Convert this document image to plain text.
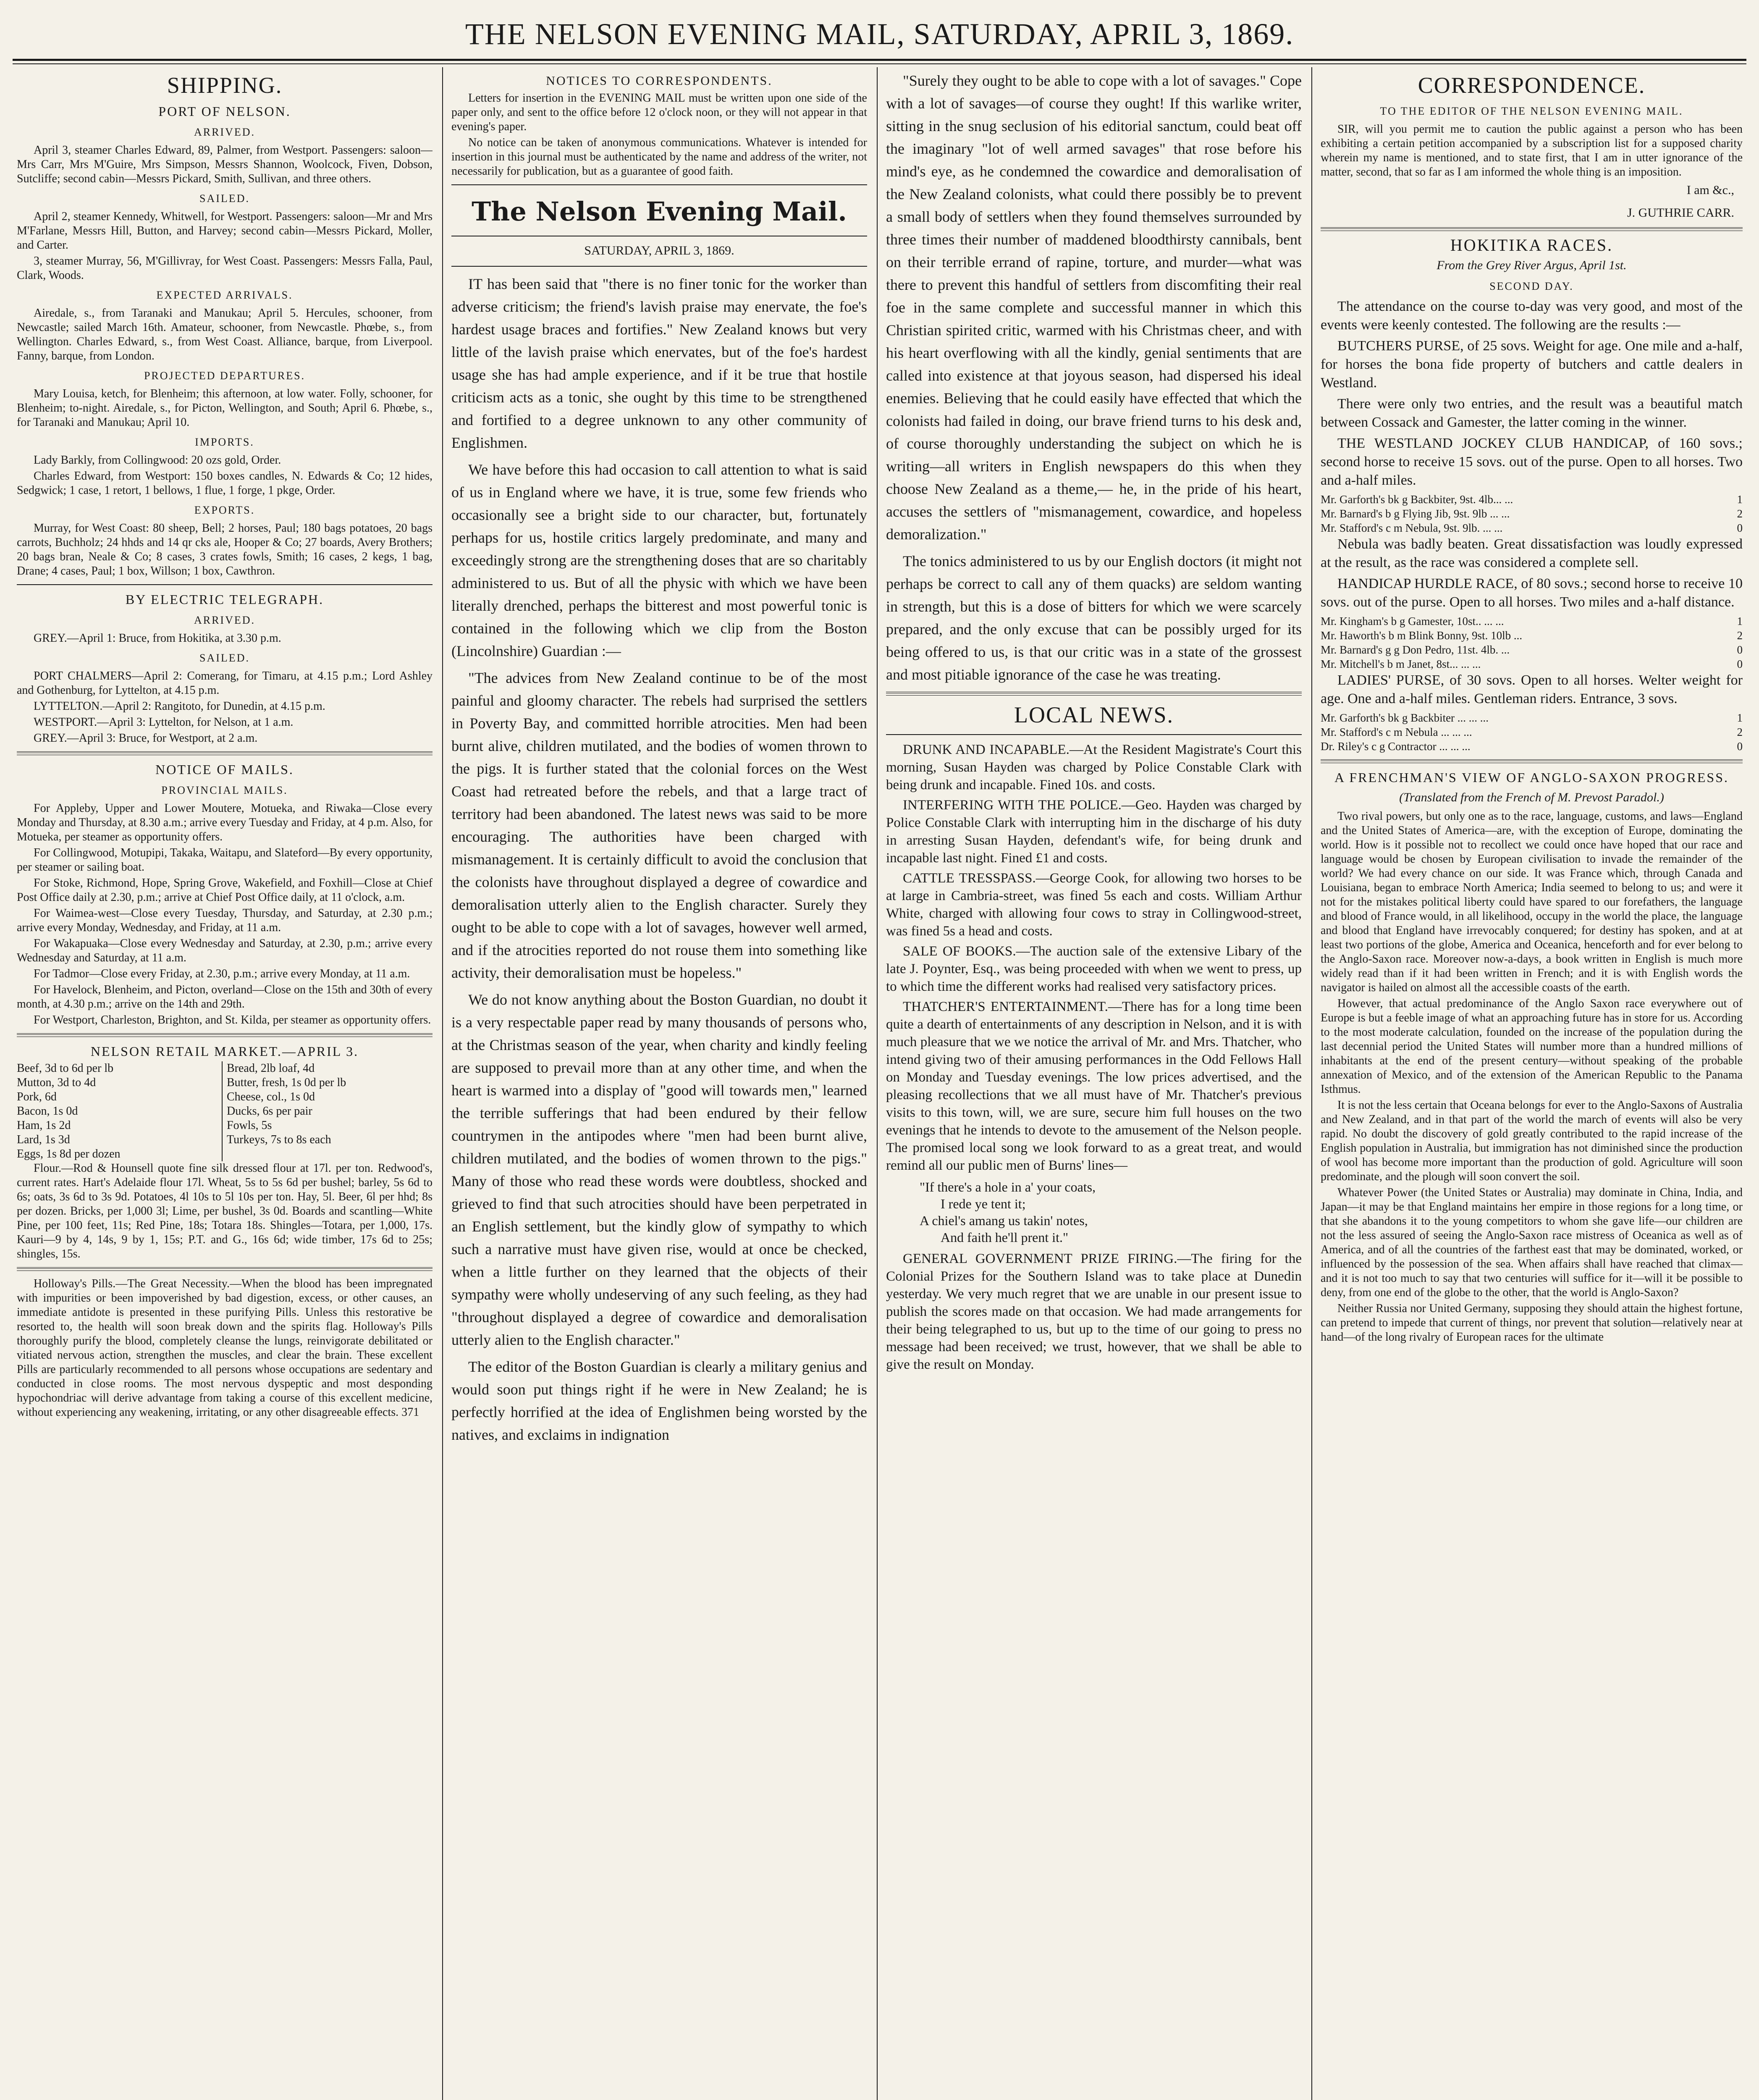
THE NELSON EVENING MAIL, SATURDAY, APRIL 3, 1869.
SHIPPING.
PORT OF NELSON.
ARRIVED.

April 3, steamer Charles Edward, 89, Palmer, from Westport. Passengers: saloon—Mrs Carr, Mrs M'Guire, Mrs Simpson, Messrs Shannon, Woolcock, Fiven, Dobson, Sutcliffe; second cabin—Messrs Pickard, Smith, Sullivan, and three others.

SAILED.

April 2, steamer Kennedy, Whitwell, for Westport. Passengers: saloon—Mr and Mrs M'Farlane, Messrs Hill, Button, and Harvey; second cabin—Messrs Pickard, Moller, and Carter.

3, steamer Murray, 56, M'Gillivray, for West Coast. Passengers: Messrs Falla, Paul, Clark, Woods.

EXPECTED ARRIVALS.

Airedale, s., from Taranaki and Manukau; April 5. Hercules, schooner, from Newcastle; sailed March 16th. Amateur, schooner, from Newcastle. Phœbe, s., from Wellington. Charles Edward, s., from West Coast. Alliance, barque, from Liverpool. Fanny, barque, from London.

PROJECTED DEPARTURES.

Mary Louisa, ketch, for Blenheim; this afternoon, at low water. Folly, schooner, for Blenheim; to-night. Airedale, s., for Picton, Wellington, and South; April 6. Phœbe, s., for Taranaki and Manukau; April 10.

IMPORTS.

Lady Barkly, from Collingwood: 20 ozs gold, Order.

Charles Edward, from Westport: 150 boxes candles, N. Edwards & Co; 12 hides, Sedgwick; 1 case, 1 retort, 1 bellows, 1 flue, 1 forge, 1 pkge, Order.

EXPORTS.

Murray, for West Coast: 80 sheep, Bell; 2 horses, Paul; 180 bags potatoes, 20 bags carrots, Buchholz; 24 hhds and 14 qr cks ale, Hooper & Co; 27 boards, Avery Brothers; 20 bags bran, Neale & Co; 8 cases, 3 crates fowls, Smith; 16 cases, 2 kegs, 1 bag, Drane; 4 cases, Paul; 1 box, Willson; 1 box, Cawthron.

BY ELECTRIC TELEGRAPH.
ARRIVED.

GREY.—April 1: Bruce, from Hokitika, at 3.30 p.m.

SAILED.

PORT CHALMERS—April 2: Comerang, for Timaru, at 4.15 p.m.; Lord Ashley and Gothenburg, for Lyttelton, at 4.15 p.m.

LYTTELTON.—April 2: Rangitoto, for Dunedin, at 4.15 p.m.

WESTPORT.—April 3: Lyttelton, for Nelson, at 1 a.m.

GREY.—April 3: Bruce, for Westport, at 2 a.m.

NOTICE OF MAILS.
PROVINCIAL MAILS.

For Appleby, Upper and Lower Moutere, Motueka, and Riwaka—Close every Monday and Thursday, at 8.30 a.m.; arrive every Tuesday and Friday, at 4 p.m. Also, for Motueka, per steamer as opportunity offers.

For Collingwood, Motupipi, Takaka, Waitapu, and Slateford—By every opportunity, per steamer or sailing boat.

For Stoke, Richmond, Hope, Spring Grove, Wakefield, and Foxhill—Close at Chief Post Office daily at 2.30, p.m.; arrive at Chief Post Office daily, at 11 o'clock, a.m.

For Waimea-west—Close every Tuesday, Thursday, and Saturday, at 2.30 p.m.; arrive every Monday, Wednesday, and Friday, at 11 a.m.

For Wakapuaka—Close every Wednesday and Saturday, at 2.30, p.m.; arrive every Wednesday and Saturday, at 11 a.m.

For Tadmor—Close every Friday, at 2.30, p.m.; arrive every Monday, at 11 a.m.

For Havelock, Blenheim, and Picton, overland—Close on the 15th and 30th of every month, at 4.30 p.m.; arrive on the 14th and 29th.

For Westport, Charleston, Brighton, and St. Kilda, per steamer as opportunity offers.

NELSON RETAIL MARKET.—APRIL 3.
Beef, 3d to 6d per lb	Bread, 2lb loaf, 4d
Mutton, 3d to 4d	Butter, fresh, 1s 0d per lb
Pork, 6d	Cheese, col., 1s 0d
Bacon, 1s 0d	Ducks, 6s per pair
Ham, 1s 2d	Fowls, 5s
Lard, 1s 3d	Turkeys, 7s to 8s each
Eggs, 1s 8d per dozen

Flour.—Rod & Hounsell quote fine silk dressed flour at 17l. per ton. Redwood's, current rates. Hart's Adelaide flour 17l. Wheat, 5s to 5s 6d per bushel; barley, 5s 6d to 6s; oats, 3s 6d to 3s 9d. Potatoes, 4l 10s to 5l 10s per ton. Hay, 5l. Beer, 6l per hhd; 8s per dozen. Bricks, per 1,000 3l; Lime, per bushel, 3s 0d. Boards and scantling—White Pine, per 100 feet, 11s; Red Pine, 18s; Totara 18s. Shingles—Totara, per 1,000, 17s. Kauri—9 by 4, 14s, 9 by 1, 15s; P.T. and G., 16s 6d; wide timber, 17s 6d to 25s; shingles, 15s.

Holloway's Pills.—The Great Necessity.—When the blood has been impregnated with impurities or been impoverished by bad digestion, excess, or other causes, an immediate antidote is presented in these purifying Pills. Unless this restorative be resorted to, the health will soon break down and the spirits flag. Holloway's Pills thoroughly purify the blood, completely cleanse the lungs, reinvigorate debilitated or vitiated nervous action, strengthen the muscles, and clear the brain. These excellent Pills are particularly recommended to all persons whose occupations are sedentary and conducted in close rooms. The most nervous dyspeptic and most desponding hypochondriac will derive advantage from taking a course of this excellent medicine, without experiencing any weakening, irritating, or any other disagreeable effects. 371

NOTICES TO CORRESPONDENTS.

Letters for insertion in the EVENING MAIL must be written upon one side of the paper only, and sent to the office before 12 o'clock noon, or they will not appear in that evening's paper.

No notice can be taken of anonymous communications. Whatever is intended for insertion in this journal must be authenticated by the name and address of the writer, not necessarily for publication, but as a guarantee of good faith.

The Nelson Evening Mail.
SATURDAY, APRIL 3, 1869.

IT has been said that "there is no finer tonic for the worker than adverse criticism; the friend's lavish praise may enervate, the foe's hardest usage braces and fortifies." New Zealand knows but very little of the lavish praise which enervates, but of the foe's hardest usage she has had ample experience, and if it be true that hostile criticism acts as a tonic, she ought by this time to be strengthened and fortified to a degree unknown to any other community of Englishmen.

We have before this had occasion to call attention to what is said of us in England where we have, it is true, some few friends who occasionally see a bright side to our character, but, fortunately perhaps for us, hostile critics largely predominate, and many and exceedingly strong are the strengthening doses that are so charitably administered to us. But of all the physic with which we have been literally drenched, perhaps the bitterest and most powerful tonic is contained in the following which we clip from the Boston (Lincolnshire) Guardian :—

"The advices from New Zealand continue to be of the most painful and gloomy character. The rebels had surprised the settlers in Poverty Bay, and committed horrible atrocities. Men had been burnt alive, children mutilated, and the bodies of women thrown to the pigs. It is further stated that the colonial forces on the West Coast had retreated before the rebels, and that a large tract of territory had been abandoned. The latest news was said to be more encouraging. The authorities have been charged with mismanagement. It is certainly difficult to avoid the conclusion that the colonists have throughout displayed a degree of cowardice and demoralisation utterly alien to the English character. Surely they ought to be able to cope with a lot of savages, however well armed, and if the atrocities reported do not rouse them into something like activity, their demoralisation must be hopeless."

We do not know anything about the Boston Guardian, no doubt it is a very respectable paper read by many thousands of persons who, at the Christmas season of the year, when charity and kindly feeling are supposed to prevail more than at any other time, and when the heart is warmed into a display of "good will towards men," learned the terrible sufferings that had been endured by their fellow countrymen in the antipodes where "men had been burnt alive, children mutilated, and the bodies of women thrown to the pigs." Many of those who read these words were doubtless, shocked and grieved to find that such atrocities should have been perpetrated in an English settlement, but the kindly glow of sympathy to which such a narrative must have given rise, would at once be checked, when a little further on they learned that the objects of their sympathy were wholly undeserving of any such feeling, as they had "throughout displayed a degree of cowardice and demoralisation utterly alien to the English character."

The editor of the Boston Guardian is clearly a military genius and would soon put things right if he were in New Zealand; he is perfectly horrified at the idea of Englishmen being worsted by the natives, and exclaims in indignation

"Surely they ought to be able to cope with a lot of savages." Cope with a lot of savages—of course they ought! If this warlike writer, sitting in the snug seclusion of his editorial sanctum, could beat off the imaginary "lot of well armed savages" that rose before his mind's eye, as he condemned the cowardice and demoralisation of the New Zealand colonists, what could there possibly be to prevent a small body of settlers when they found themselves surrounded by three times their number of maddened bloodthirsty cannibals, bent on their terrible errand of rapine, torture, and murder—what was there to prevent this handful of settlers from discomfiting their real foe in the same complete and successful manner in which this Christian spirited critic, warmed with his Christmas cheer, and with his heart overflowing with all the kindly, genial sentiments that are called into existence at that joyous season, had dispersed his ideal enemies. Believing that he could easily have effected that which the colonists had failed in doing, our brave friend turns to his desk and, of course thoroughly understanding the subject on which he is writing—all writers in English newspapers do this when they choose New Zealand as a theme,— he, in the pride of his heart, accuses the settlers of "mismanagement, cowardice, and hopeless demoralization."

The tonics administered to us by our English doctors (it might not perhaps be correct to call any of them quacks) are seldom wanting in strength, but this is a dose of bitters for which we were scarcely prepared, and the only excuse that can be possibly urged for its being offered to us, is that our critic was in a state of the grossest and most pitiable ignorance of the case he was treating.

LOCAL NEWS.

DRUNK AND INCAPABLE.—At the Resident Magistrate's Court this morning, Susan Hayden was charged by Police Constable Clark with being drunk and incapable. Fined 10s. and costs.

INTERFERING WITH THE POLICE.—Geo. Hayden was charged by Police Constable Clark with interrupting him in the discharge of his duty in arresting Susan Hayden, defendant's wife, for being drunk and incapable last night. Fined £1 and costs.

CATTLE TRESSPASS.—George Cook, for allowing two horses to be at large in Cambria-street, was fined 5s each and costs. William Arthur White, charged with allowing four cows to stray in Collingwood-street, was fined 5s a head and costs.

SALE OF BOOKS.—The auction sale of the extensive Libary of the late J. Poynter, Esq., was being proceeded with when we went to press, up to which time the different works had realised very satisfactory prices.

THATCHER'S ENTERTAINMENT.—There has for a long time been quite a dearth of entertainments of any description in Nelson, and it is with much pleasure that we we notice the arrival of Mr. and Mrs. Thatcher, who intend giving two of their amusing performances in the Odd Fellows Hall on Monday and Tuesday evenings. The low prices advertised, and the pleasing recollections that we all must have of Mr. Thatcher's previous visits to this town, will, we are sure, secure him full houses on the two evenings that he intends to devote to the amusement of the Nelson people. The promised local song we look forward to as a great treat, and would remind all our public men of Burns' lines—

"If there's a hole in a' your coats,
I rede ye tent it;
A chiel's amang us takin' notes,
And faith he'll prent it."

GENERAL GOVERNMENT PRIZE FIRING.—The firing for the Colonial Prizes for the Southern Island was to take place at Dunedin yesterday. We very much regret that we are unable in our present issue to publish the scores made on that occasion. We had made arrangements for their being telegraphed to us, but up to the time of our going to press no message had been received; we trust, however, that we shall be able to give the result on Monday.

CORRESPONDENCE.
TO THE EDITOR OF THE NELSON EVENING MAIL.

SIR, will you permit me to caution the public against a person who has been exhibiting a certain petition accompanied by a subscription list for a supposed charity wherein my name is mentioned, and to state first, that I am in utter ignorance of the matter, second, that so far as I am informed the whole thing is an imposition.

I am &c.,
J. GUTHRIE CARR.
HOKITIKA RACES.
From the Grey River Argus, April 1st.
SECOND DAY.

The attendance on the course to-day was very good, and most of the events were keenly contested. The following are the results :—

BUTCHERS PURSE, of 25 sovs. Weight for age. One mile and a-half, for horses the bona fide property of butchers and cattle dealers in Westland.

There were only two entries, and the result was a beautiful match between Cossack and Gamester, the latter coming in the winner.

THE WESTLAND JOCKEY CLUB HANDICAP, of 160 sovs.; second horse to receive 15 sovs. out of the purse. Open to all horses. Two and a-half miles.

Mr. Garforth's bk g Backbiter, 9st. 4lb... ...	1
Mr. Barnard's b g Flying Jib, 9st. 9lb ... ...	2
Mr. Stafford's c m Nebula, 9st. 9lb. ... ...	0

Nebula was badly beaten. Great dissatisfaction was loudly expressed at the result, as the race was considered a complete sell.

HANDICAP HURDLE RACE, of 80 sovs.; second horse to receive 10 sovs. out of the purse. Open to all horses. Two miles and a-half distance.

Mr. Kingham's b g Gamester, 10st.. ... ...	1
Mr. Haworth's b m Blink Bonny, 9st. 10lb ...	2
Mr. Barnard's g g Don Pedro, 11st. 4lb. ...	0
Mr. Mitchell's b m Janet, 8st... ... ...	0

LADIES' PURSE, of 30 sovs. Open to all horses. Welter weight for age. One and a-half miles. Gentleman riders. Entrance, 3 sovs.

Mr. Garforth's bk g Backbiter ... ... ...	1
Mr. Stafford's c m Nebula ... ... ...	2
Dr. Riley's c g Contractor ... ... ...	0
A FRENCHMAN'S VIEW OF ANGLO-SAXON PROGRESS.
(Translated from the French of M. Prevost Paradol.)

Two rival powers, but only one as to the race, language, customs, and laws—England and the United States of America—are, with the exception of Europe, dominating the world. How is it possible not to recollect we could once have hoped that our race and language would be chosen by European civilisation to invade the remainder of the world? We had every chance on our side. It was France which, through Canada and Louisiana, began to embrace North America; India seemed to belong to us; and were it not for the mistakes political liberty could have spared to our forefathers, the language and blood of France would, in all likelihood, occupy in the world the place, the language and blood that England have irrevocably conquered; for destiny has spoken, and at at least two portions of the globe, America and Oceanica, henceforth and for ever belong to the Anglo-Saxon race. Moreover now-a-days, a book written in English is much more widely read than if it had been written in French; and it is with English words the navigator is hailed on almost all the accessible coasts of the earth.

However, that actual predominance of the Anglo Saxon race everywhere out of Europe is but a feeble image of what an approaching future has in store for us. According to the most moderate calculation, founded on the increase of the population during the last decennial period the United States will number more than a hundred millions of inhabitants at the end of the present century—without speaking of the probable annexation of Mexico, and of the extension of the American Republic to the Panama Isthmus.

It is not the less certain that Oceana belongs for ever to the Anglo-Saxons of Australia and New Zealand, and in that part of the world the march of events will also be very rapid. No doubt the discovery of gold greatly contributed to the rapid increase of the English population in Australia, but immigration has not diminished since the production of wool has become more important than the production of gold. Agriculture will soon predominate, and the plough will soon convert the soil.

Whatever Power (the United States or Australia) may dominate in China, India, and Japan—it may be that England maintains her empire in those regions for a long time, or that she abandons it to the young competitors to whom she gave life—our children are not the less assured of seeing the Anglo-Saxon race mistress of Oceanica as well as of America, and of all the countries of the farthest east that may be dominated, worked, or influenced by the possession of the sea. When affairs shall have reached that climax—and it is not too much to say that two centuries will suffice for it—will it be possible to deny, from one end of the globe to the other, that the world is Anglo-Saxon?

Neither Russia nor United Germany, supposing they should attain the highest fortune, can pretend to impede that current of things, nor prevent that solution—relatively near at hand—of the long rivalry of European races for the ultimate
